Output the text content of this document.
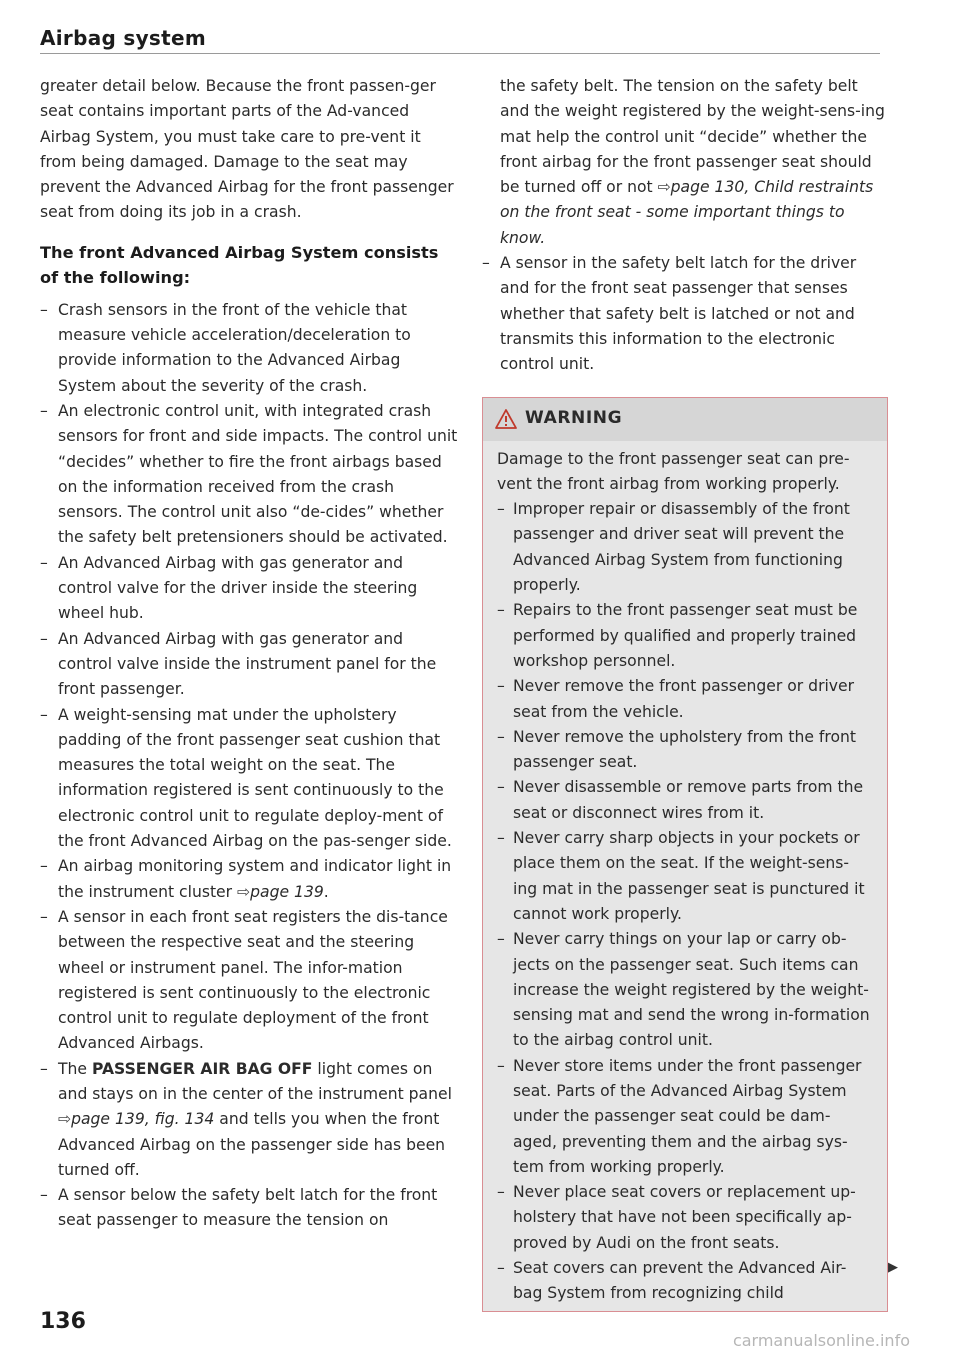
Airbag system

greater detail below. Because the front passen-ger seat contains important parts of the Ad-vanced Airbag System, you must take care to pre-vent it from being damaged. Damage to the seat may prevent the Advanced Airbag for the front passenger seat from doing its job in a crash.

The front Advanced Airbag System consists of the following:
– Crash sensors in the front of the vehicle that measure vehicle acceleration/deceleration to provide information to the Advanced Airbag System about the severity of the crash.
– An electronic control unit, with integrated crash sensors for front and side impacts. The control unit “decides” whether to fire the front airbags based on the information received from the crash sensors. The control unit also “de-cides” whether the safety belt pretensioners should be activated.
– An Advanced Airbag with gas generator and control valve for the driver inside the steering wheel hub.
– An Advanced Airbag with gas generator and control valve inside the instrument panel for the front passenger.
– A weight-sensing mat under the upholstery padding of the front passenger seat cushion that measures the total weight on the seat. The information registered is sent continuously to the electronic control unit to regulate deploy-ment of the front Advanced Airbag on the pas-senger side.
– An airbag monitoring system and indicator light in the instrument cluster ⇨page 139.
– A sensor in each front seat registers the dis-tance between the respective seat and the steering wheel or instrument panel. The infor-mation registered is sent continuously to the electronic control unit to regulate deployment of the front Advanced Airbags.
– The PASSENGER AIR BAG OFF light comes on and stays on in the center of the instrument panel ⇨page 139, fig. 134 and tells you when the front Advanced Airbag on the passenger side has been turned off.
– A sensor below the safety belt latch for the front seat passenger to measure the tension on
the safety belt. The tension on the safety belt and the weight registered by the weight-sens-ing mat help the control unit “decide” whether the front airbag for the front passenger seat should be turned off or not ⇨page 130, Child restraints on the front seat - some important things to know.
– A sensor in the safety belt latch for the driver and for the front seat passenger that senses whether that safety belt is latched or not and transmits this information to the electronic control unit.
WARNING

Damage to the front passenger seat can pre-vent the front airbag from working properly.

– Improper repair or disassembly of the front passenger and driver seat will prevent the Advanced Airbag System from functioning properly.
– Repairs to the front passenger seat must be performed by qualified and properly trained workshop personnel.
– Never remove the front passenger or driver seat from the vehicle.
– Never remove the upholstery from the front passenger seat.
– Never disassemble or remove parts from the seat or disconnect wires from it.
– Never carry sharp objects in your pockets or place them on the seat. If the weight-sens-ing mat in the passenger seat is punctured it cannot work properly.
– Never carry things on your lap or carry ob-jects on the passenger seat. Such items can increase the weight registered by the weight-sensing mat and send the wrong in-formation to the airbag control unit.
– Never store items under the front passenger seat. Parts of the Advanced Airbag System under the passenger seat could be dam-aged, preventing them and the airbag sys-tem from working properly.
– Never place seat covers or replacement up-holstery that have not been specifically ap-proved by Audi on the front seats.
– Seat covers can prevent the Advanced Air-bag System from recognizing child
▶
136
carmanualsonline.info
